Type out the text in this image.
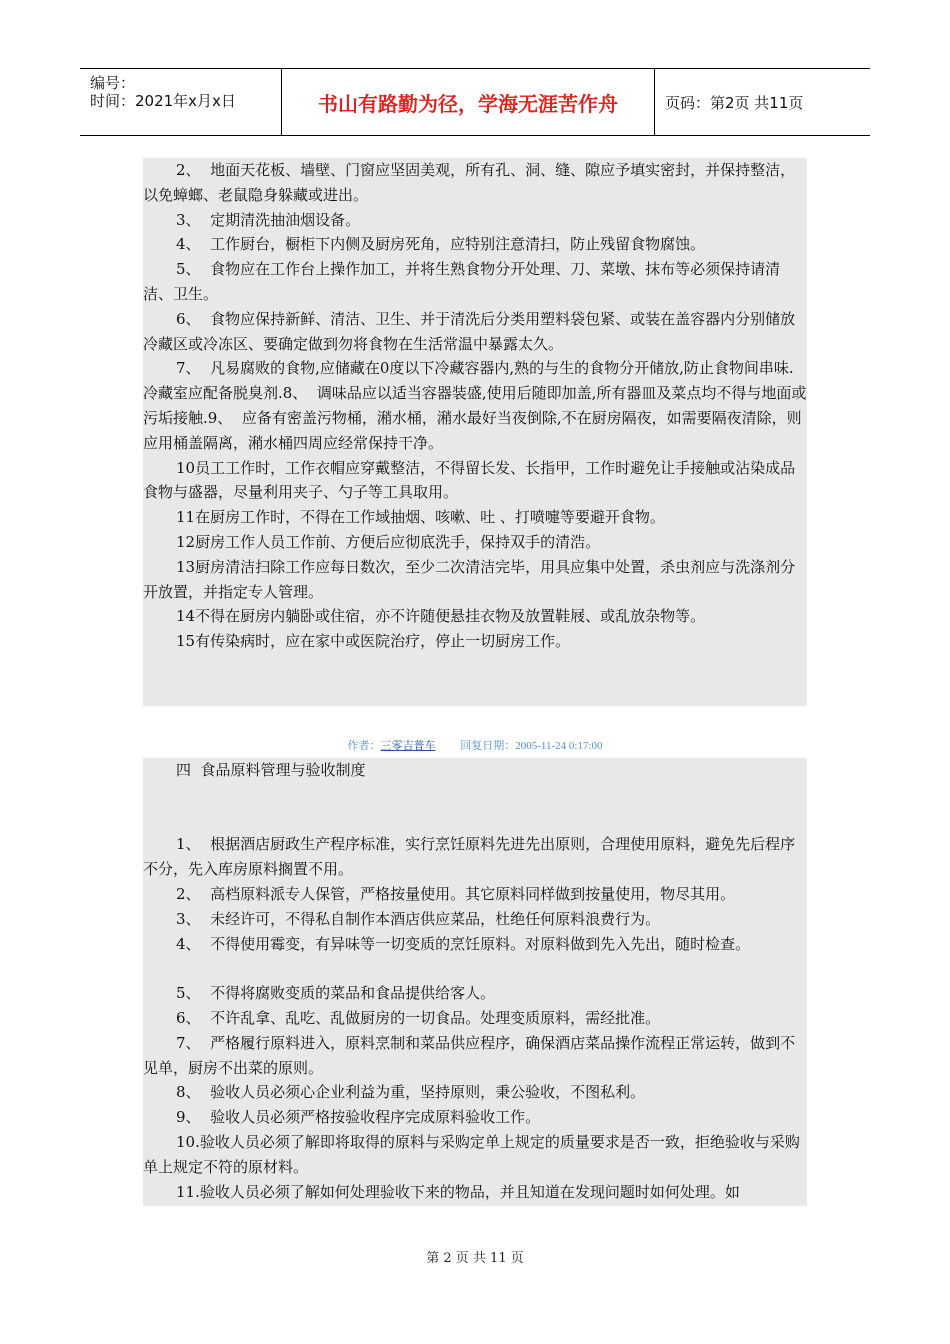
编号：
时间：2021年x月x日	书山有路勤为径，学海无涯苦作舟	页码：第2页 共11页

2、  地面天花板、墙壁、门窗应坚固美观，所有孔、洞、缝、隙应予填实密封，并保持整洁，以免蟑螂、老鼠隐身躲藏或进出。

3、  定期清洗抽油烟设备。

4、  工作厨台，橱柜下内侧及厨房死角，应特别注意清扫，防止残留食物腐蚀。

5、  食物应在工作台上操作加工，并将生熟食物分开处理、刀、菜墩、抹布等必须保持请清洁、卫生。

6、  食物应保持新鲜、清洁、卫生、并于清洗后分类用塑料袋包紧、或装在盖容器内分别储放冷藏区或冷冻区、要确定做到勿将食物在生活常温中暴露太久。

7、  凡易腐败的食物,应储藏在0度以下冷藏容器内,熟的与生的食物分开储放,防止食物间串味.冷藏室应配备脱臭剂.8、  调味品应以适当容器装盛,使用后随即加盖,所有器皿及菜点均不得与地面或污垢接触.9、  应备有密盖污物桶，潲水桶，潲水最好当夜倒除,不在厨房隔夜，如需要隔夜清除，则应用桶盖隔离，潲水桶四周应经常保持干净。

10员工工作时，工作衣帽应穿戴整洁，不得留长发、长指甲，工作时避免让手接触或沾染成品食物与盛器，尽量利用夹子、勺子等工具取用。

11在厨房工作时，不得在工作域抽烟、咳嗽、吐 、打喷嚏等要避开食物。

12厨房工作人员工作前、方便后应彻底洗手，保持双手的清浩。

13厨房清洁扫除工作应每日数次，至少二次清洁完毕，用具应集中处置，杀虫剂应与洗涤剂分开放置，并指定专人管理。

14不得在厨房内躺卧或住宿，亦不许随便悬挂衣物及放置鞋屐、或乱放杂物等。

15有传染病时，应在家中或医院治疗，停止一切厨房工作。

作者：三零吉普车 回复日期：2005-11-24 0:17:00

四  食品原料管理与验收制度

1、  根据酒店厨政生产程序标准，实行烹饪原料先进先出原则，合理使用原料，避免先后程序不分，先入库房原料搁置不用。

2、  高档原料派专人保管，严格按量使用。其它原料同样做到按量使用，物尽其用。

3、  未经许可，不得私自制作本酒店供应菜品，杜绝任何原料浪费行为。

4、  不得使用霉变，有异味等一切变质的烹饪原料。对原料做到先入先出，随时检查。

5、  不得将腐败变质的菜品和食品提供给客人。

6、  不许乱拿、乱吃、乱做厨房的一切食品。处理变质原料，需经批准。

7、  严格履行原料进入，原料烹制和菜品供应程序，确保酒店菜品操作流程正常运转，做到不见单，厨房不出菜的原则。

8、  验收人员必须心企业利益为重，坚持原则，秉公验收，不图私利。

9、  验收人员必须严格按验收程序完成原料验收工作。

10.验收人员必须了解即将取得的原料与采购定单上规定的质量要求是否一致，拒绝验收与采购单上规定不符的原材料。

11.验收人员必须了解如何处理验收下来的物品，并且知道在发现问题时如何处理。如

第 2 页 共 11 页
